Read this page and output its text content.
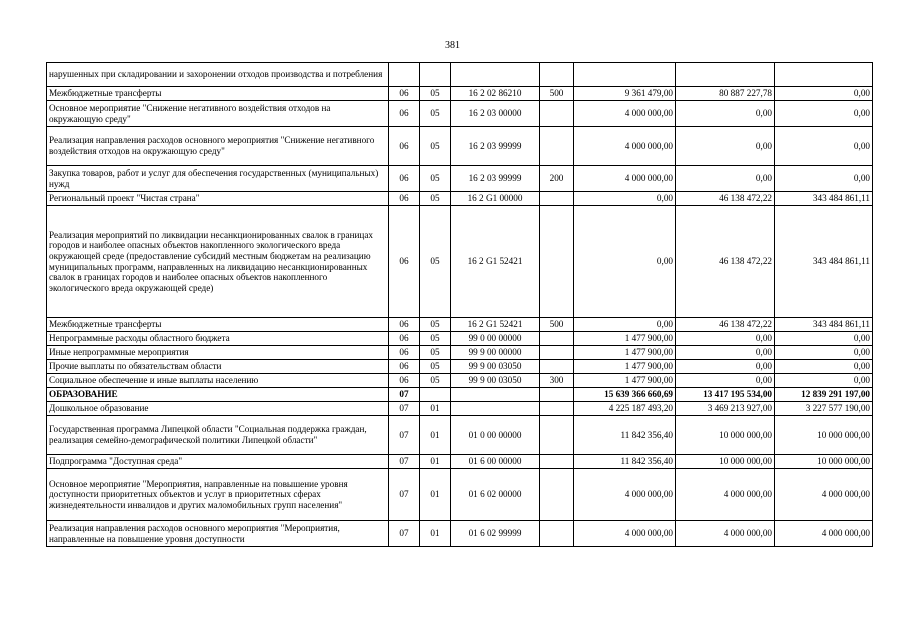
381
нарушенных при складировании и захоронении отходов производства и потребления							
Межбюджетные трансферты	06	05	16 2 02 86210	500	9 361 479,00	80 887 227,78	0,00
Основное мероприятие "Снижение негативного воздействия отходов на окружающую среду"	06	05	16 2 03 00000		4 000 000,00	0,00	0,00
Реализация направления расходов основного мероприятия "Снижение негативного воздействия отходов на окружающую среду"	06	05	16 2 03 99999		4 000 000,00	0,00	0,00
Закупка товаров, работ и услуг для обеспечения государственных (муниципальных) нужд	06	05	16 2 03 99999	200	4 000 000,00	0,00	0,00
Региональный проект "Чистая страна"	06	05	16 2 G1 00000		0,00	46 138 472,22	343 484 861,11
Реализация мероприятий по ликвидации несанкционированных свалок в границах городов и наиболее опасных объектов накопленного экологического вреда окружающей среде (предоставление субсидий местным бюджетам на реализацию муниципальных программ, направленных на ликвидацию несанкционированных свалок в границах городов и наиболее опасных объектов накопленного экологического вреда окружающей среде)	06	05	16 2 G1 52421		0,00	46 138 472,22	343 484 861,11
Межбюджетные трансферты	06	05	16 2 G1 52421	500	0,00	46 138 472,22	343 484 861,11
Непрограммные расходы областного бюджета	06	05	99 0 00 00000		1 477 900,00	0,00	0,00
Иные непрограммные мероприятия	06	05	99 9 00 00000		1 477 900,00	0,00	0,00
Прочие выплаты по обязательствам области	06	05	99 9 00 03050		1 477 900,00	0,00	0,00
Социальное обеспечение и иные выплаты населению	06	05	99 9 00 03050	300	1 477 900,00	0,00	0,00
ОБРАЗОВАНИЕ	07				15 639 366 660,69	13 417 195 534,00	12 839 291 197,00
Дошкольное образование	07	01			4 225 187 493,20	3 469 213 927,00	3 227 577 190,00
Государственная программа Липецкой области "Социальная поддержка граждан, реализация семейно-демографической политики Липецкой области"	07	01	01 0 00 00000		11 842 356,40	10 000 000,00	10 000 000,00
Подпрограмма "Доступная среда"	07	01	01 6 00 00000		11 842 356,40	10 000 000,00	10 000 000,00
Основное мероприятие "Мероприятия, направленные на повышение уровня доступности приоритетных объектов и услуг в приоритетных сферах жизнедеятельности инвалидов и других маломобильных групп населения"	07	01	01 6 02 00000		4 000 000,00	4 000 000,00	4 000 000,00
Реализация направления расходов основного мероприятия "Мероприятия, направленные на повышение уровня доступности	07	01	01 6 02 99999		4 000 000,00	4 000 000,00	4 000 000,00
